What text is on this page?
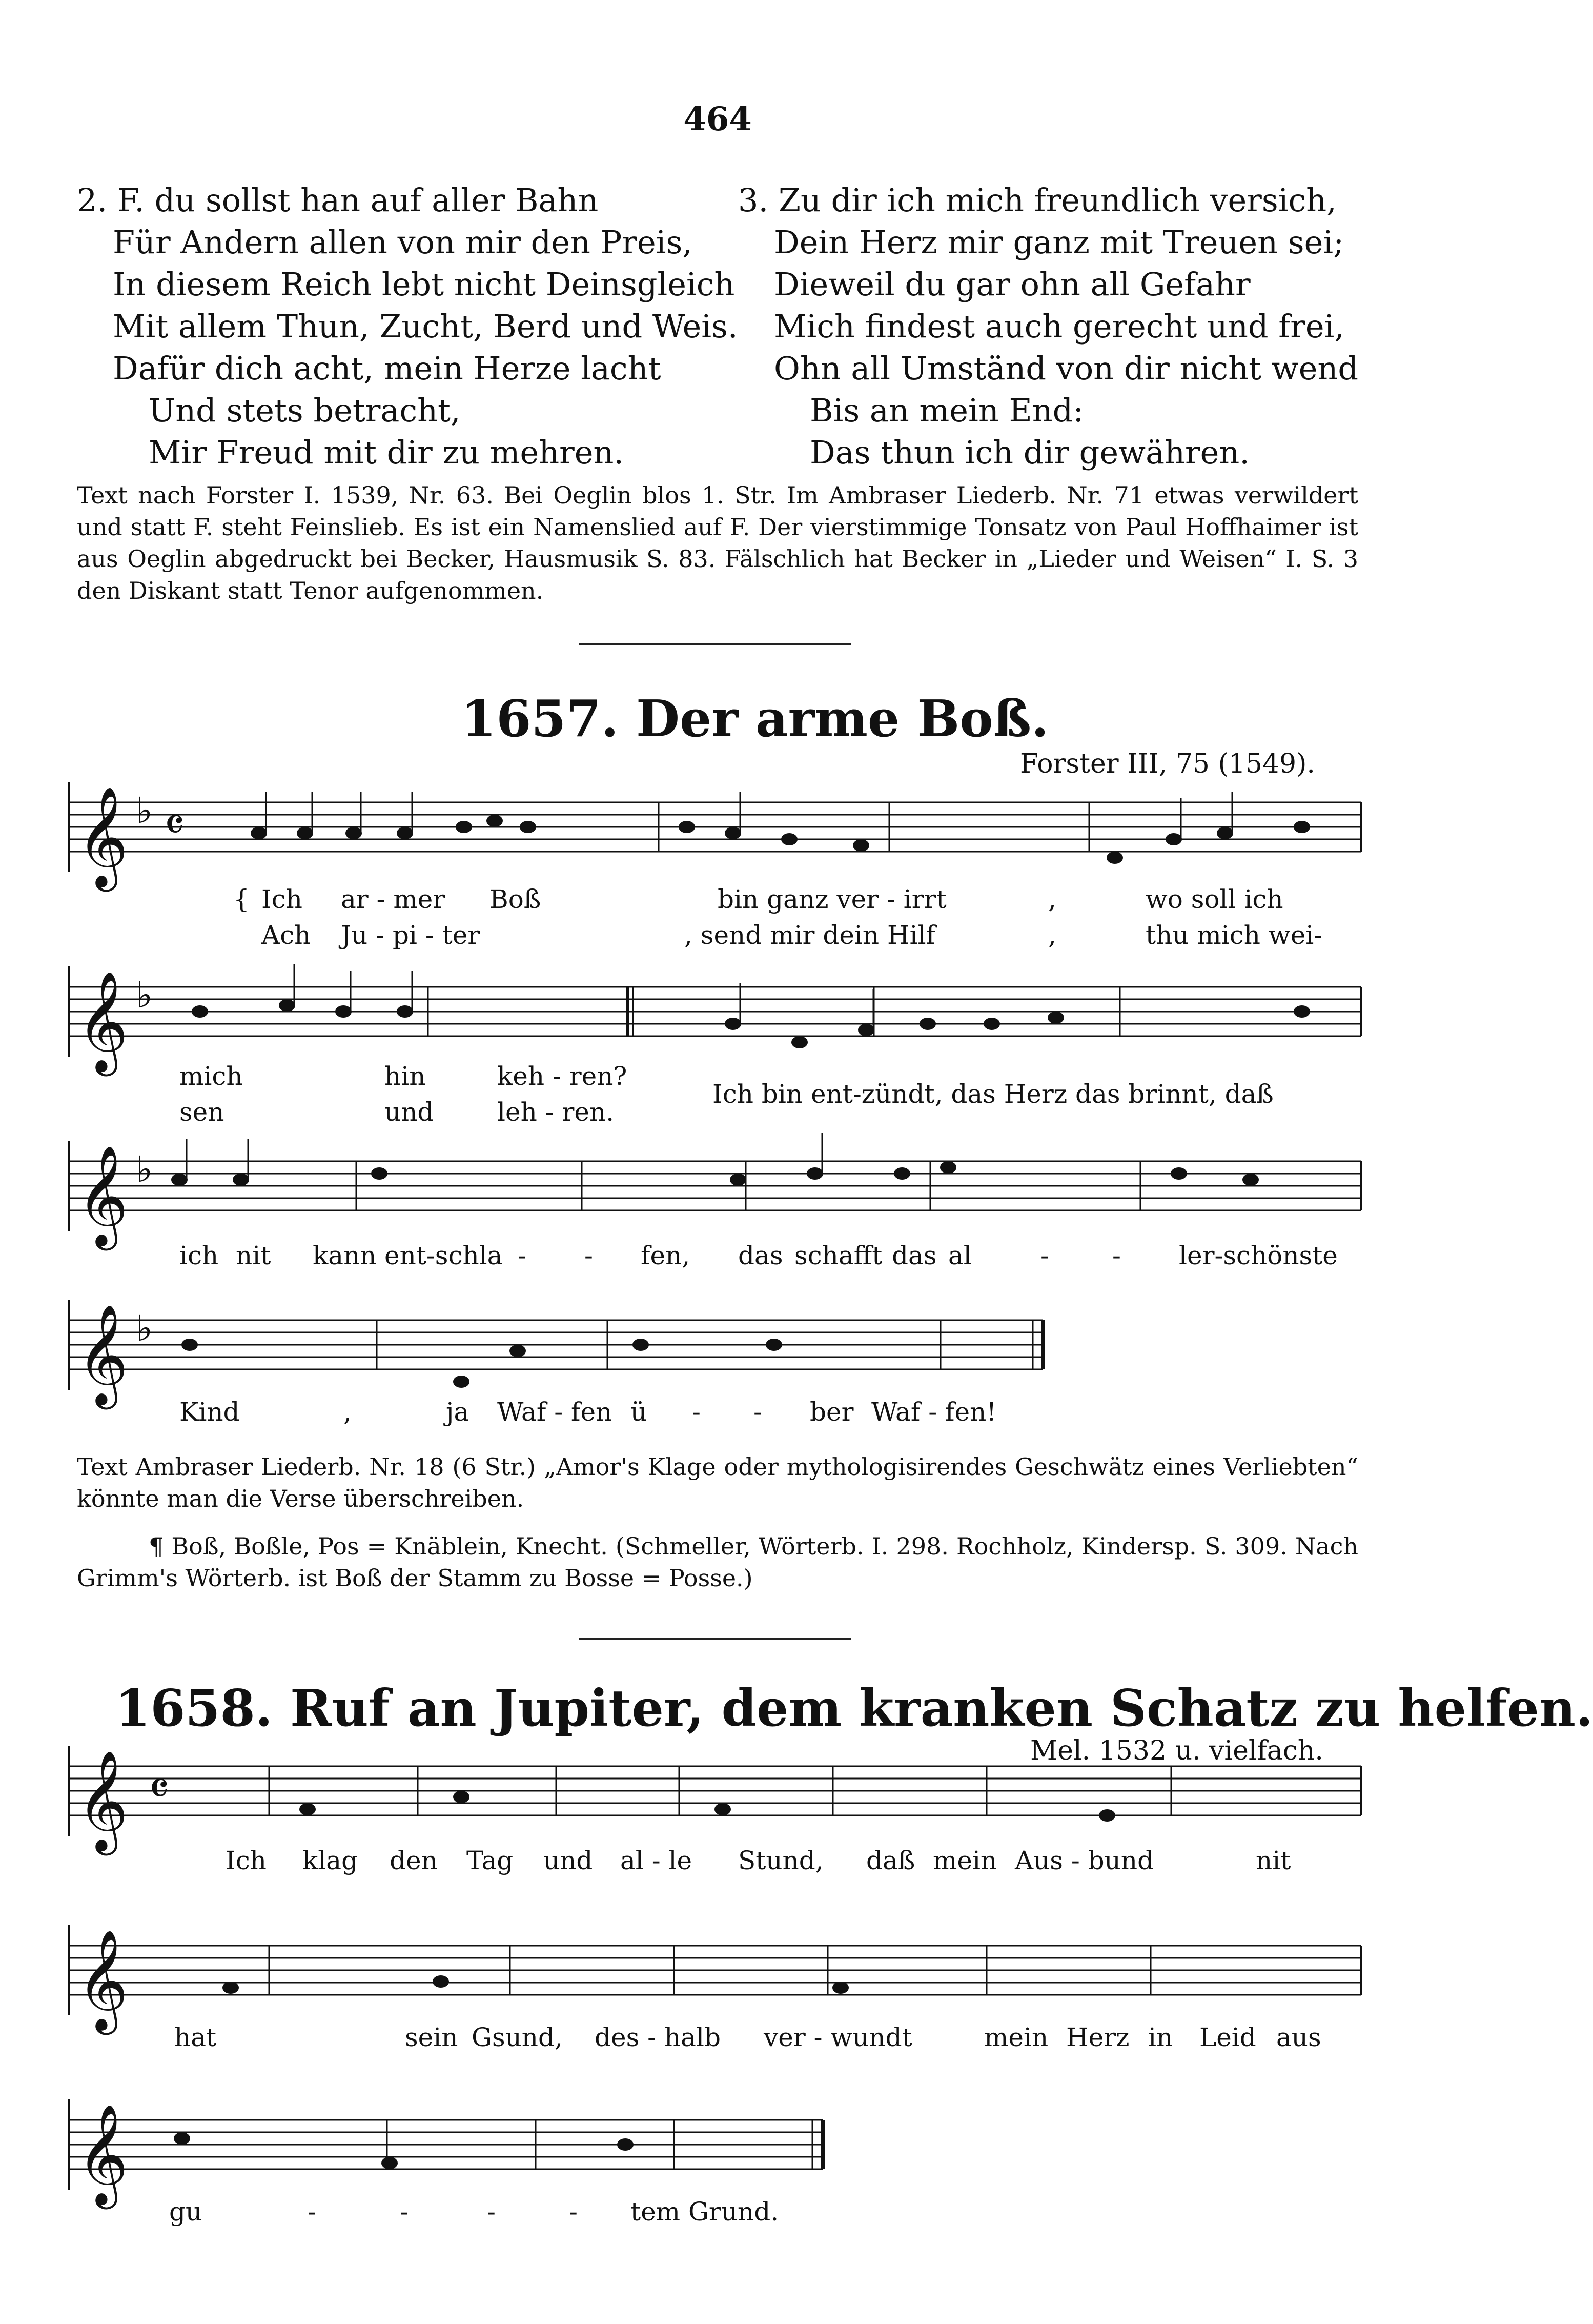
464
2. F. du sollst han auf aller Bahn
Für Andern allen von mir den Preis,
In diesem Reich lebt nicht Deinsgleich
Mit allem Thun, Zucht, Berd und Weis.
Dafür dich acht, mein Herze lacht
Und stets betracht,
Mir Freud mit dir zu mehren.
3. Zu dir ich mich freundlich versich,
Dein Herz mir ganz mit Treuen sei;
Dieweil du gar ohn all Gefahr
Mich findest auch gerecht und frei,
Ohn all Umständ von dir nicht wend
Bis an mein End:
Das thun ich dir gewähren.
Text nach Forster I. 1539, Nr. 63. Bei Oeglin blos 1. Str. Im Ambraser Liederb. Nr. 71 etwas verwildert und statt F. steht Feinslieb. Es ist ein Namenslied auf F. Der vierstimmige Tonsatz von Paul Hoffhaimer ist aus Oeglin abgedruckt bei Becker, Hausmusik S. 83. Fälschlich hat Becker in „Lieder und Weisen“ I. S. 3 den Diskant statt Tenor aufgenommen.
1657. Der arme Boß.
Forster III, 75 (1549).
𝄞
𝄞
𝄞
𝄞
𝄞
𝄞
𝄞
♭
♭
♭
♭
𝄴
𝄴
{ Ich ar - mer Boß	bin ganz ver - irrt	,	wo soll ich
Ach Ju - pi - ter	, send mir dein Hilf	,	thu mich wei-
mich	hin	keh - ren?
sen	und leh - ren.
Ich bin ent-zündt, das Herz das brinnt, daß
ich nit kann ent-schla - - fen, das schafft das al	- - ler-schönste
Kind	,	ja Waf - fen ü - - ber Waf - fen!
Text Ambraser Liederb. Nr. 18 (6 Str.) „Amor's Klage oder mythologisirendes Geschwätz eines Verliebten“ könnte man die Verse überschreiben.
¶ Boß, Boßle, Pos = Knäblein, Knecht. (Schmeller, Wörterb. I. 298. Rochholz, Kindersp. S. 309. Nach Grimm's Wörterb. ist Boß der Stamm zu Bosse = Posse.)
1658. Ruf an Jupiter, dem kranken Schatz zu helfen.
Mel. 1532 u. vielfach.
Ich klag den Tag und al - le Stund, daß mein Aus - bund	nit
hat	sein Gsund, des - halb ver - wundt	mein Herz in Leid aus
gu	-	-	-	- tem Grund.
